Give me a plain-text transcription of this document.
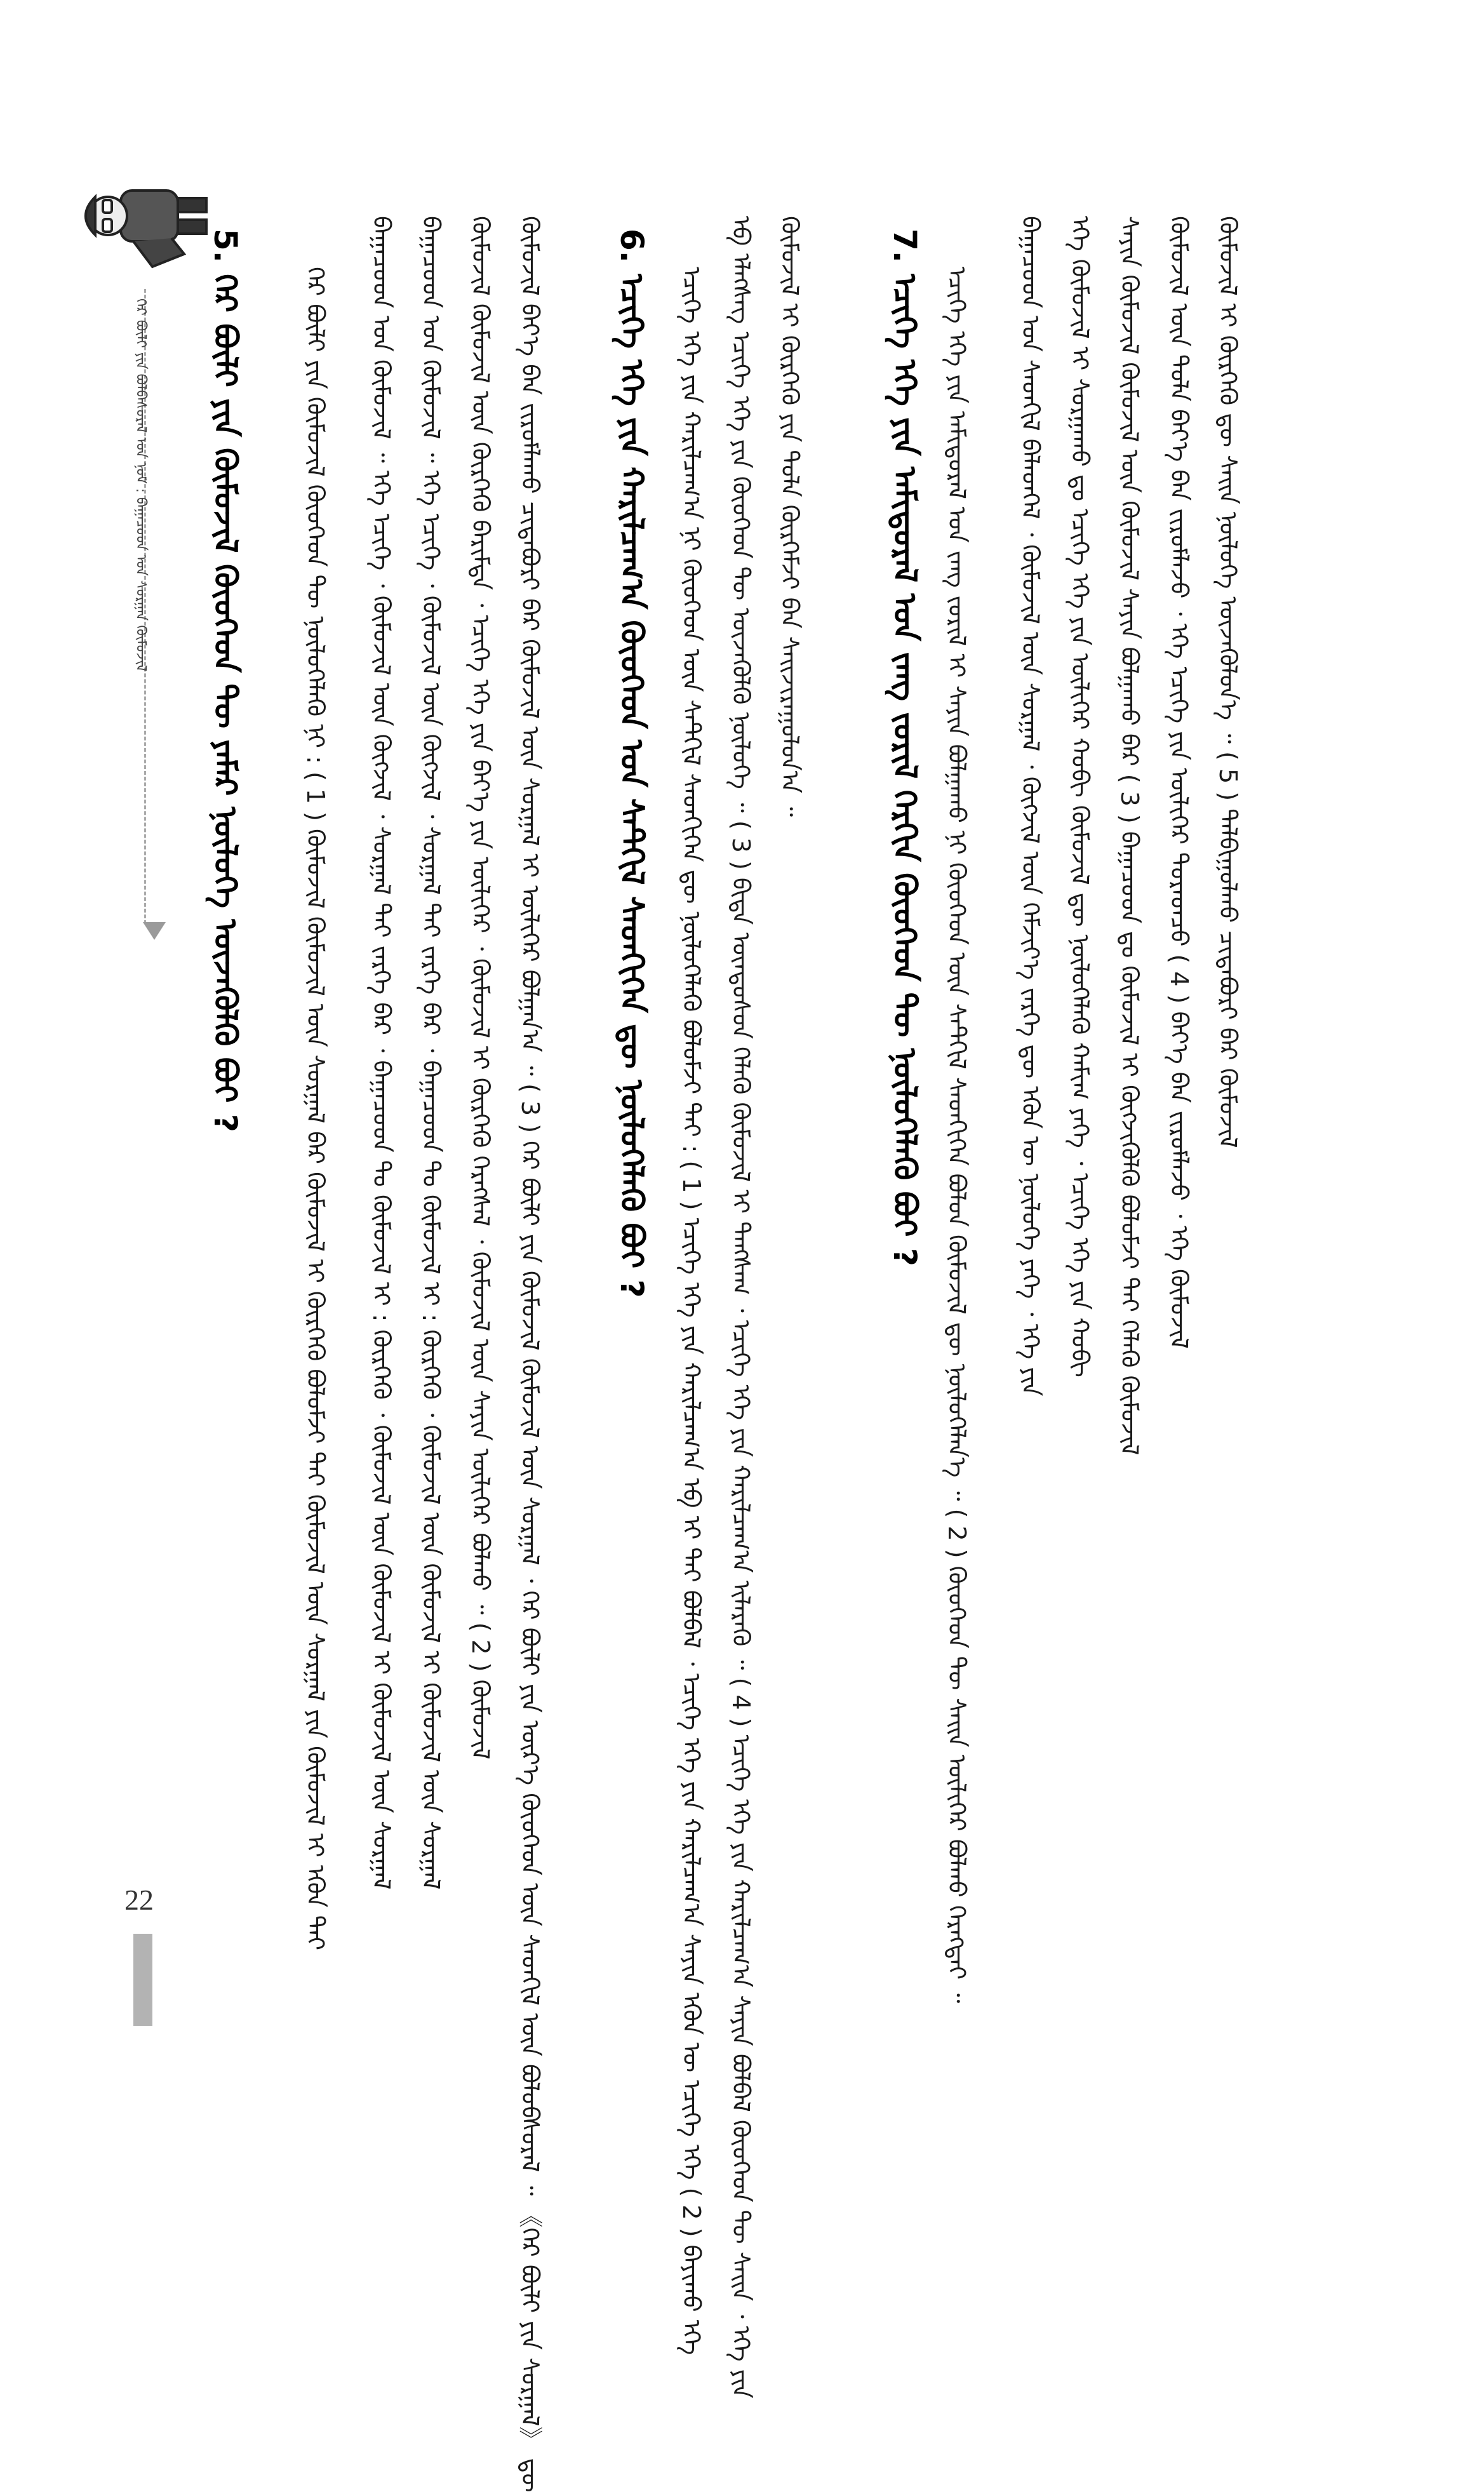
ᠭᠡᠷ ᠪᠦᠯᠢ ᠶᠢᠨ ᠪᠣᠯᠪᠠᠰᠤᠷᠠᠯ ᠤᠨ ᠨᠣᠮ : ᠪᠠᠭᠠᠴᠤᠳ ᠤᠨ ᠰᠤᠷᠭᠠᠨ ᠬᠦᠮᠦᠵᠢᠯ	7. ᠡᠴᠢᠭᠡ ᠡᠬᠡ ᠶᠢᠨ ᠠᠮᠢᠳᠤᠷᠠᠯ ᠤᠨ ᠵᠠᠩ ᠵᠤᠷᠢᠯ ᠬᠡᠷᠬᠢᠨ ᠬᠦᠦᠬᠡᠳ ᠲᠦ ᠨᠥᠯᠦᠭᠡᠯᠡᠬᠦ ᠪᠤᠢ ?
6. ᠡᠴᠢᠭᠡ ᠡᠬᠡ ᠶᠢᠨ ᠬᠠᠷᠢᠯᠴᠠᠭ᠎ᠠ ᠬᠦᠦᠬᠡᠳ ᠤᠨ ᠰᠡᠲᠭᠢᠯ ᠰᠡᠳᠬᠢᠭᠡᠨ ᠳᠦ ᠨᠥᠯᠦᠭᠡᠯᠡᠬᠦ ᠪᠤᠢ ?
5. ᠭᠡᠷ ᠪᠦᠯᠢ ᠶᠢᠨ ᠬᠦᠮᠦᠵᠢᠯ ᠬᠦᠦᠬᠡᠳ ᠲᠦ ᠶᠠᠮᠠᠷ ᠨᠥᠯᠦᠭᠡ ᠦᠵᠡᠭᠦᠯᠬᠦ ᠪᠤᠢ ?	ᠬᠦᠮᠦᠵᠢᠯ ᠢ ᠬᠦᠷᠭᠡᠬᠦ ᠳᠦ ᠰᠠᠢᠨ ᠨᠥᠯᠦᠭᠡ ᠦᠵᠡᠭᠦᠯᠦᠨ᠎ᠡ ᠃ ( 5 ) ᠲᠠᠯᠪᠢᠭᠤᠯᠬᠤ ᠴᠢᠳᠠᠪᠤᠷᠢ ᠪᠡᠷ ᠬᠦᠮᠦᠵᠢᠯ
ᠬᠦᠮᠦᠵᠢᠯ ᠦᠨ ᠲᠤᠯᠠ ᠪᠡᠶ᠎ᠡ ᠪᠡᠨ ᠵᠢᠷᠤᠮᠯᠠᠵᠤ ᠂ ᠡᠬᠡ ᠡᠴᠢᠭᠡ ᠶᠢᠨ ᠦᠯᠢᠭᠡᠷ ᠳᠤᠷᠠᠳᠴᠤ ( 4 ) ᠪᠡᠶ᠎ᠡ ᠪᠡᠨ ᠵᠢᠷᠤᠮᠯᠠᠵᠤ ᠂ ᠡᠬᠡ ᠬᠦᠮᠦᠵᠢᠯ
ᠰᠠᠶᠢᠨ ᠬᠦᠮᠦᠵᠢᠯ ᠬᠦᠮᠦᠵᠢᠯ ᠦᠨ ᠬᠦᠮᠦᠵᠢᠯ ᠰᠠᠶᠢᠨ ᠪᠣᠯᠭᠠᠬᠤ ᠪᠡᠷ ( 3 ) ᠪᠠᠭᠠᠴᠤᠳ ᠳᠤ ᠬᠦᠮᠦᠵᠢᠯ ᠢ ᠬᠥᠭᠵᠢᠭᠦᠯᠬᠦ ᠪᠣᠯᠤᠮᠵᠢ ᠲᠠᠢ ᠬᠡᠯᠡᠬᠦ ᠬᠦᠮᠦᠵᠢᠯ
ᠡᠬᠡ ᠬᠦᠮᠦᠵᠢᠯ ᠢ ᠰᠤᠷᠭᠠᠬᠤ ᠳᠤ ᠡᠴᠢᠭᠡ ᠡᠬᠡ ᠶᠢᠨ ᠦᠯᠢᠭᠡᠷ ᠬᠤᠪᠢ ᠬᠦᠮᠦᠵᠢᠯ ᠳᠦ ᠨᠥᠯᠦᠭᠡᠯᠡᠬᠦ ᠬᠠᠮᠢᠭ ᠶᠡᠬᠡ ᠂ ᠡᠴᠢᠭᠡ ᠡᠬᠡ ᠶᠢᠨ ᠬᠤᠪᠢ
ᠪᠠᠭᠠᠴᠤᠳ ᠤᠨ ᠰᠡᠳᠬᠢᠯ ᠪᠡᠯᠡᠳᠬᠡᠯ ᠂ ᠬᠦᠮᠦᠵᠢᠯ ᠦᠨ ᠰᠤᠷᠭᠠᠯ ᠂ ᠬᠥᠭᠵᠢᠯ ᠦᠨ ᠬᠡᠮᠵᠢᠶ᠎ᠡ ᠵᠡᠷᠭᠡ ᠳᠦ ᠡᠭᠦᠨ ᠦ ᠨᠥᠯᠦᠭᠡ ᠶᠡᠬᠡ ᠂ ᠡᠬᠡ ᠶᠢᠨ
ᠡᠴᠢᠭᠡ ᠡᠬᠡ ᠶᠢᠨ ᠠᠮᠢᠳᠤᠷᠠᠯ ᠤᠨ ᠵᠠᠩ ᠵᠤᠷᠢᠯ ᠢ ᠰᠠᠶᠢᠨ ᠪᠣᠯᠭᠠᠬᠤ ᠨᠢ ᠬᠦᠦᠬᠡᠳ ᠦᠨ ᠰᠡᠲᠭᠢᠯ ᠰᠡᠳᠬᠢᠭᠡᠨ ᠪᠤᠯᠤᠨ ᠬᠦᠮᠦᠵᠢᠯ ᠳᠦ ᠨᠥᠯᠦᠭᠡᠯᠡᠨ᠎ᠡ ᠃ ( 2 ) ᠬᠦᠦᠬᠡᠳ ᠲᠦ ᠰᠠᠢᠨ ᠦᠯᠢᠭᠡᠷ ᠪᠣᠯᠬᠤ ᠬᠡᠷᠡᠭᠲᠡᠢ ᠃
ᠬᠦᠮᠦᠵᠢᠯ ᠢ ᠬᠦᠷᠭᠡᠬᠦ ᠶᠢᠨ ᠲᠤᠯᠠ ᠬᠦᠷᠭᠡᠮᠵᠢ ᠪᠡᠨ ᠰᠠᠢᠵᠢᠷᠠᠭᠤᠯᠤᠨ᠎ᠠ ᠃
ᠡᠪ ᠡᠯᠡᠭᠰᠡᠭ ᠡᠴᠢᠭᠡ ᠡᠬᠡ ᠶᠢᠨ ᠬᠦᠦᠬᠡᠳ ᠲᠦ ᠦᠵᠡᠭᠦᠯᠬᠦ ᠨᠥᠯᠦᠭᠡ ᠃ ( 3 ) ᠪᠢᠳᠡ ᠦᠨᠳᠦᠰᠦᠨ ᠬᠡᠯᠡᠬᠦ ᠬᠦᠮᠦᠵᠢᠯ ᠢ ᠲᠠᠩᠰᠠᠭ ᠂ ᠡᠴᠢᠭᠡ ᠡᠬᠡ ᠶᠢᠨ ᠬᠠᠷᠢᠯᠴᠠᠭ᠎ᠠ ᠢᠯᠡᠷᠡᠬᠦ ᠃ ( 4 ) ᠡᠴᠢᠭᠡ ᠡᠬᠡ ᠶᠢᠨ ᠬᠠᠷᠢᠯᠴᠠᠭ᠎ᠠ ᠰᠠᠶᠢᠨ ᠪᠣᠯᠪᠠᠯ ᠬᠦᠦᠬᠡᠳ ᠲᠦ ᠰᠠᠢᠨ ᠂ ᠡᠬᠡ ᠶᠢᠨ
ᠡᠴᠢᠭᠡ ᠡᠬᠡ ᠶᠢᠨ ᠬᠠᠷᠢᠯᠴᠠᠭ᠎ᠠ ᠨᠢ ᠬᠦᠦᠬᠡᠳ ᠦᠨ ᠰᠡᠲᠭᠢᠯ ᠰᠡᠳᠬᠢᠭᠡᠨ ᠳᠦ ᠨᠥᠯᠦᠭᠡᠯᠡᠬᠦ ᠪᠣᠯᠤᠮᠵᠢ ᠲᠠᠢ : ( 1 ) ᠡᠴᠢᠭᠡ ᠡᠬᠡ ᠶᠢᠨ ᠬᠠᠷᠢᠯᠴᠠᠭ᠎ᠠ ᠡᠪ ᠡᠶ ᠲᠠᠢ ᠪᠣᠯᠪᠠᠯ ᠂ ᠡᠴᠢᠭᠡ ᠡᠬᠡ ᠶᠢᠨ ᠬᠠᠷᠢᠯᠴᠠᠭ᠎ᠠ ᠰᠠᠶᠢᠨ ᠡᠭᠦᠨ ᠦ ᠡᠴᠢᠭᠡ ᠡᠬᠡ ( 2 ) ᠪᠠᠶᠢᠬᠤ ᠡᠬᠡ
ᠬᠦᠮᠦᠵᠢᠯ ᠪᠡᠶ᠎ᠡ ᠪᠡᠨ ᠵᠢᠷᠤᠮᠯᠠᠬᠤ ᠴᠢᠳᠠᠪᠤᠷᠢ ᠪᠡᠷ ᠬᠦᠮᠦᠵᠢᠯ ᠦᠨ ᠰᠤᠷᠭᠠᠯ ᠢ ᠦᠯᠢᠭᠡᠷ ᠪᠣᠯᠭᠠᠨ᠎ᠠ ᠃ ( 3 ) ᠭᠡᠷ ᠪᠦᠯᠢ ᠶᠢᠨ ᠬᠦᠮᠦᠵᠢᠯ ᠬᠦᠮᠦᠵᠢᠯ ᠦᠨ ᠰᠤᠷᠭᠠᠯ ᠂ ᠭᠡᠷ ᠪᠦᠯᠢ ᠶᠢᠨ ᠦᠷ᠎ᠡ ᠬᠦᠦᠬᠡᠳ ᠦᠨ ᠰᠡᠳᠬᠢᠯ ᠦᠨ ᠪᠣᠯᠤᠪᠰᠤᠷᠠᠯ ᠃ 《ᠭᠡᠷ ᠪᠦᠯᠢ ᠶᠢᠨ ᠰᠤᠷᠭᠠᠯ》 ᠳᠦ
ᠬᠦᠮᠦᠵᠢᠯ ᠬᠦᠮᠦᠵᠢᠯ ᠦᠨ ᠬᠦᠷᠭᠡᠬᠦ ᠪᠠᠷᠢᠮᠲᠠ ᠂ ᠡᠴᠢᠭᠡ ᠡᠬᠡ ᠶᠢᠨ ᠪᠡᠶ᠎ᠡ ᠶᠢᠨ ᠦᠯᠢᠭᠡᠷ ᠂ ᠬᠦᠮᠦᠵᠢᠯ ᠢ ᠬᠦᠷᠭᠡᠬᠦ ᠬᠡᠷᠡᠭᠰᠡᠯ ᠂ ᠬᠦᠮᠦᠵᠢᠯ ᠦᠨ ᠰᠠᠶᠢᠨ ᠦᠯᠢᠭᠡᠷ ᠪᠣᠯᠬᠤ ᠃ ( 2 ) ᠬᠦᠮᠦᠵᠢᠯ
ᠪᠠᠭᠠᠴᠤᠳ ᠤᠨ ᠬᠦᠮᠦᠵᠢᠯ ᠃ ᠡᠬᠡ ᠡᠴᠢᠭᠡ ᠂ ᠬᠦᠮᠦᠵᠢᠯ ᠦᠨ ᠬᠥᠭᠵᠢᠯ ᠂ ᠰᠤᠷᠭᠠᠯ ᠲᠠᠢ ᠵᠡᠷᠭᠡ ᠪᠡᠷ ᠂ ᠪᠠᠭᠠᠴᠤᠳ ᠲᠤ ᠬᠦᠮᠦᠵᠢᠯ ᠢ : ᠬᠦᠷᠭᠡᠬᠦ ᠂ ᠬᠦᠮᠦᠵᠢᠯ ᠦᠨ ᠬᠦᠮᠦᠵᠢᠯ ᠢ ᠬᠦᠮᠦᠵᠢᠯ ᠦᠨ ᠰᠤᠷᠭᠠᠯ
ᠪᠠᠭᠠᠴᠤᠳ ᠤᠨ ᠬᠦᠮᠦᠵᠢᠯ ᠃ ᠡᠬᠡ ᠡᠴᠢᠭᠡ ᠂ ᠬᠦᠮᠦᠵᠢᠯ ᠦᠨ ᠬᠥᠭᠵᠢᠯ ᠂ ᠰᠤᠷᠭᠠᠯ ᠲᠠᠢ ᠵᠡᠷᠭᠡ ᠪᠡᠷ ᠂ ᠪᠠᠭᠠᠴᠤᠳ ᠲᠤ ᠬᠦᠮᠦᠵᠢᠯ ᠢ : ᠬᠦᠷᠭᠡᠬᠦ ᠂ ᠬᠦᠮᠦᠵᠢᠯ ᠦᠨ ᠬᠦᠮᠦᠵᠢᠯ ᠢ ᠬᠦᠮᠦᠵᠢᠯ ᠦᠨ ᠰᠤᠷᠭᠠᠯ
ᠭᠡᠷ ᠪᠦᠯᠢ ᠶᠢᠨ ᠬᠦᠮᠦᠵᠢᠯ ᠬᠦᠦᠬᠡᠳ ᠲᠦ ᠨᠥᠯᠦᠭᠡᠯᠡᠬᠦ ᠨᠢ : ( 1 ) ᠬᠦᠮᠦᠵᠢᠯ ᠬᠦᠮᠦᠵᠢᠯ ᠦᠨ ᠰᠤᠷᠭᠠᠯ ᠪᠡᠷ ᠬᠦᠮᠦᠵᠢᠯ ᠢ ᠬᠦᠷᠭᠡᠬᠦ ᠪᠣᠯᠤᠮᠵᠢ ᠲᠠᠢ ᠬᠦᠮᠦᠵᠢᠯ ᠦᠨ ᠰᠤᠷᠭᠠᠯ ᠶᠢᠨ ᠬᠦᠮᠦᠵᠢᠯ ᠢ ᠡᠭᠦᠨ ᠲᠡᠢ
22
